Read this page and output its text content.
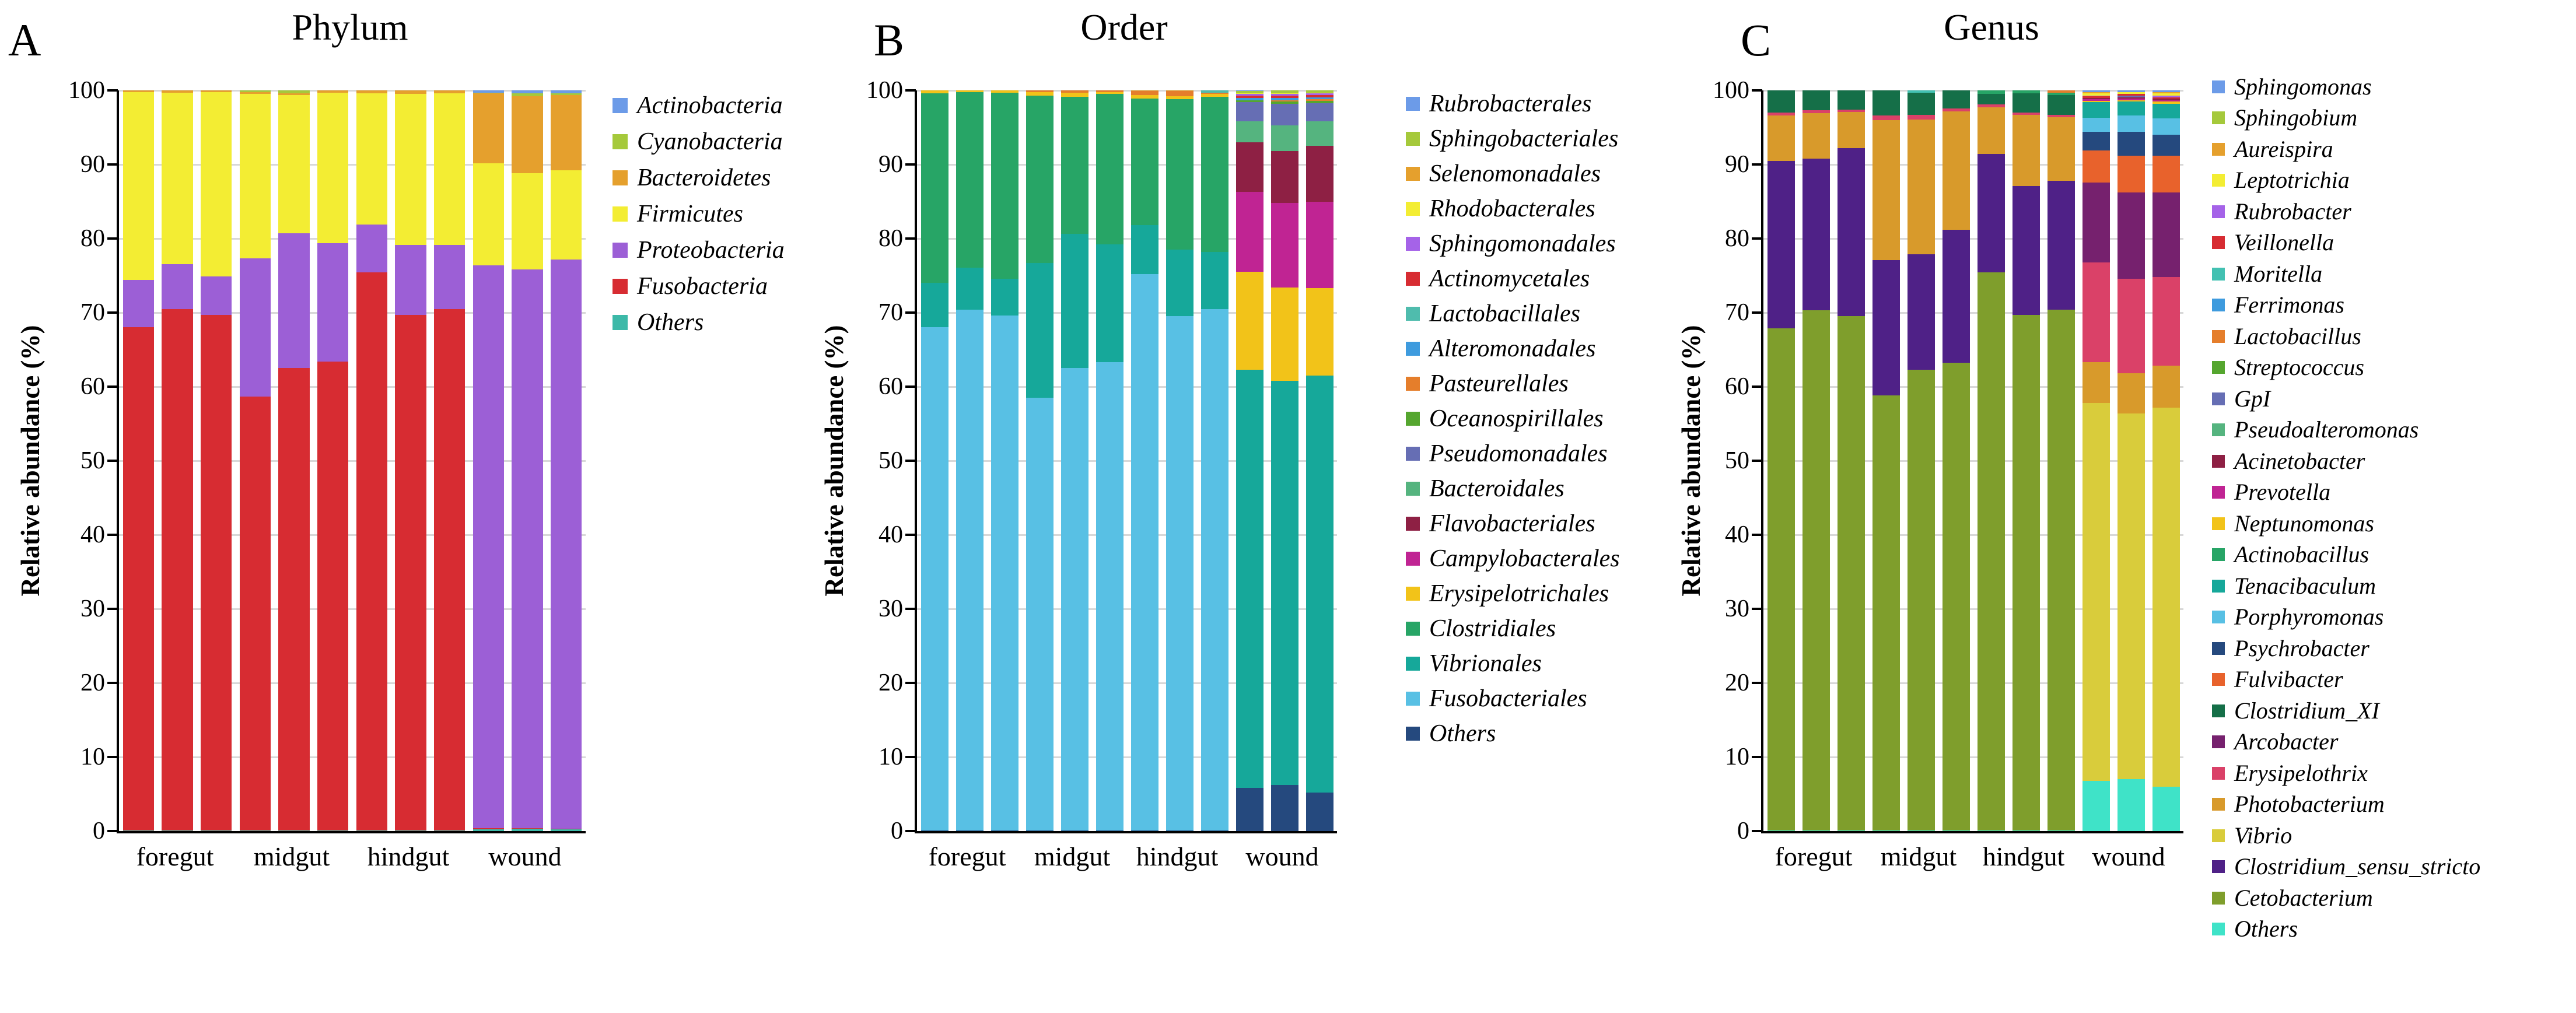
A	Phylum
Relative abundance (%)
0
10
20
30
40
50
60
70
80
90
100
foregut	midgut	hindgut	wound
Actinobacteria
Cyanobacteria
Bacteroidetes
Firmicutes
Proteobacteria
Fusobacteria
Others
B	Order
Relative abundance (%)
0
10
20
30
40
50
60
70
80
90
100
foregut	midgut hindgut	wound
Rubrobacterales
Sphingobacteriales
Selenomonadales
Rhodobacterales
Sphingomonadales
Actinomycetales
Lactobacillales
Alteromonadales
Pasteurellales
Oceanospirillales
Pseudomonadales
Bacteroidales
Flavobacteriales
Campylobacterales
Erysipelotrichales
Clostridiales
Vibrionales
Fusobacteriales
Others
C	Genus
Relative abundance (%)
0
10
20
30
40
50
60
70
80
90
100
foregut	midgut hindgut	wound
Sphingomonas
Sphingobium
Aureispira
Leptotrichia
Rubrobacter
Veillonella
Moritella
Ferrimonas
Lactobacillus
Streptococcus
GpI
Pseudoalteromonas
Acinetobacter
Prevotella
Neptunomonas
Actinobacillus
Tenacibaculum
Porphyromonas
Psychrobacter
Fulvibacter
Clostridium_XI
Arcobacter
Erysipelothrix
Photobacterium
Vibrio
Clostridium_sensu_stricto
Cetobacterium
Others
